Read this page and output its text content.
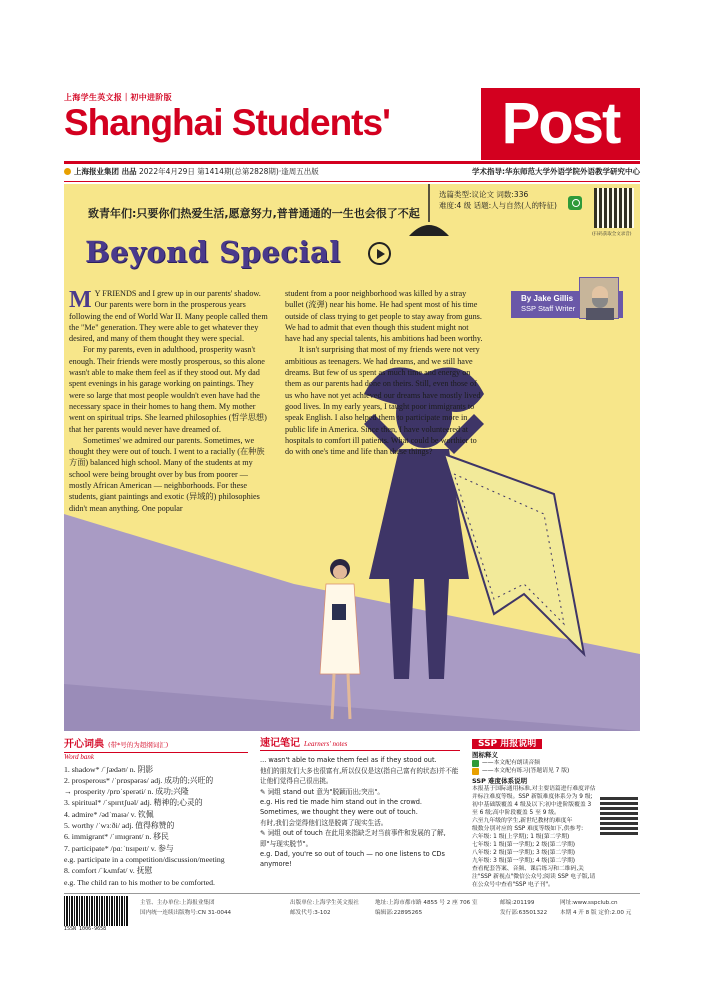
上海学生英文报｜初中进阶版
Shanghai Students'	Post
上海报业集团 出品 2022年4月29日 第1414期(总第2828期)·逢周五出版	学术指导:华东师范大学外语学院外语教学研究中心
致青年们:只要你们热爱生活,愿意努力,普普通通的一生也会很了不起
选篇类型:议论文 词数:336
难度:4 级 话题:人与自然(人的特征)
(扫码获取全文录音)
Beyond Special
By Jake Gillis
SSP Staff Writer

M Y FRIENDS and I grew up in our parents' shadow. Our parents were born in the prosperous years following the end of World War II. Many people called them the "Me" generation. They were able to get whatever they desired, and many of them thought they were special.

For my parents, even in adulthood, prosperity wasn't enough. Their friends were mostly prosperous, so this alone wasn't able to make them feel as if they stood out. My dad spent evenings in his garage working on paintings. They were so large that most people wouldn't even have had the necessary space in their homes to hang them. My mother went on spiritual trips. She learned philosophies (哲学思想) that her parents would never have dreamed of.

Sometimes' we admired our parents. Sometimes, we thought they were out of touch. I went to a racially (在种族方面) balanced high school. Many of the students at my school were being brought over by bus from poorer — mostly African American — neighborhoods. For these students, giant paintings and exotic (异域的) philosophies didn't mean anything. One popular

student from a poor neighborhood was killed by a stray bullet (流弹) near his home. He had spent most of his time outside of class trying to get people to stay away from guns. We had to admit that even though this student might not have had any special talents, his ambitions had been worthy.

It isn't surprising that most of my friends were not very ambitious as teenagers. We had dreams, and we still have dreams. But few of us spent as much time and energy on them as our parents had done on theirs. Still, even those of us who have not yet achieved our dreams have mostly lived good lives. In my early years, I taught poor immigrants to speak English. I also helped them to participate more in public life in America. Since then, I have volunteered at hospitals to comfort ill patients. What could be worthier to do with one's time and life than these things?

开心词典 (带*号的为超纲词汇)
Word bank
1. shadow* /ˈʃædəʊ/ n. 阴影
2. prosperous* /ˈprɒspərəs/ adj. 成功的;兴旺的
→ prosperity /prɒˈsperəti/ n. 成功;兴隆
3. spiritual* /ˈspɪrɪtʃuəl/ adj. 精神的;心灵的
4. admire* /ədˈmaɪə/ v. 钦佩
5. worthy /ˈwɜːði/ adj. 值得称赞的
6. immigrant* /ˈɪmɪɡrənt/ n. 移民
7. participate* /pɑːˈtɪsɪpeɪt/ v. 参与
e.g. participate in a competition/discussion/meeting
8. comfort /ˈkʌmfət/ v. 抚慰
e.g. The child ran to his mother to be comforted.
速记笔记 Learners' notes
... wasn't able to make them feel as if they stood out.
他们的朋友们大多也很富有,所以仅仅是这(指自己富有的状态)并不能让他们觉得自己很出挑。
✎ 词组 stand out 意为"脱颖而出;突出"。
e.g. His red tie made him stand out in the crowd.
Sometimes, we thought they were out of touch.
有时,我们会觉得他们这是脱离了现实生活。
✎ 词组 out of touch 在此用来指缺乏对当前事件和发展的了解,即"与现实脱节"。
e.g. Dad, you're so out of touch — no one listens to CDs anymore!
SSP 用报说明
图标释义
——本文配有朗读音频
——本文配有练习(答题请见 7 版)
SSP 难度体系说明
本报基于国际通用标准,对主要语篇进行难度评估并标注难度等级。SSP 新版难度体系分为 9 级;初中基础版覆盖 4 级及以下;初中进阶版覆盖 3 至 6 级;高中阶段覆盖 5 至 9 级。
六至九年级的学生,新世纪教材的难度年
级数分别对应的 SSP 难度等级如下,供参考:
六年级: 1 级(上学期); 1 级(第二学期)
七年级: 1 级(第一学期); 2 级(第二学期)
八年级: 2 级(第一学期); 3 级(第二学期)
九年级: 3 级(第一学期); 4 级(第二学期)
查看配套答案、音频、课后练习和二维码,关注"SSP 新视点"微信公众号;阅读 SSP 电子版,请在公众号中查看"SSP 电子刊"。
ISSN 1006-9658
主管、主办单位:上海报业集团
国内统一连续出版物号:CN 31-0044
出版单位:上海学生英文报社
邮发代号:3-102
地址:上海市都市路 4855 号 2 座 706 室
编辑部:22895265
邮编:201199
发行部:63501322
网址:www.sspclub.cn
本期 4 开 8 版 定价:2.00 元
